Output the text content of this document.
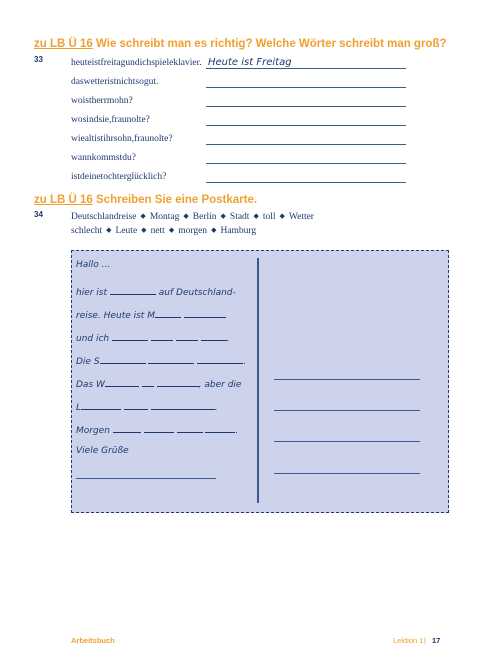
zu LB Ü 16 Wie schreibt man es richtig? Welche Wörter schreibt man groß?
33	heuteistfreitagundichspieleklavier.
daswetteristnichtsogut.
woistherrmohn?
wosindsie,fraunolte?
wiealtistihrsohn,fraunolte?
wannkommstdu?
istdeinetochterglücklich?
Heute ist Freitag
zu LB Ü 16 Schreiben Sie eine Postkarte.
34	Deutschlandreise ◆ Montag ◆ Berlin ◆ Stadt ◆ toll ◆ Wetter
schlecht ◆ Leute ◆ nett ◆ morgen ◆ Hamburg
Hallo …
hier ist	auf Deutschland-
reise. Heute ist M
und ich	.
Die S	.
Das W	, aber die
L	.
Morgen	.
Viele Grüße
Arbeitsbuch	Lektion 1 | 17
